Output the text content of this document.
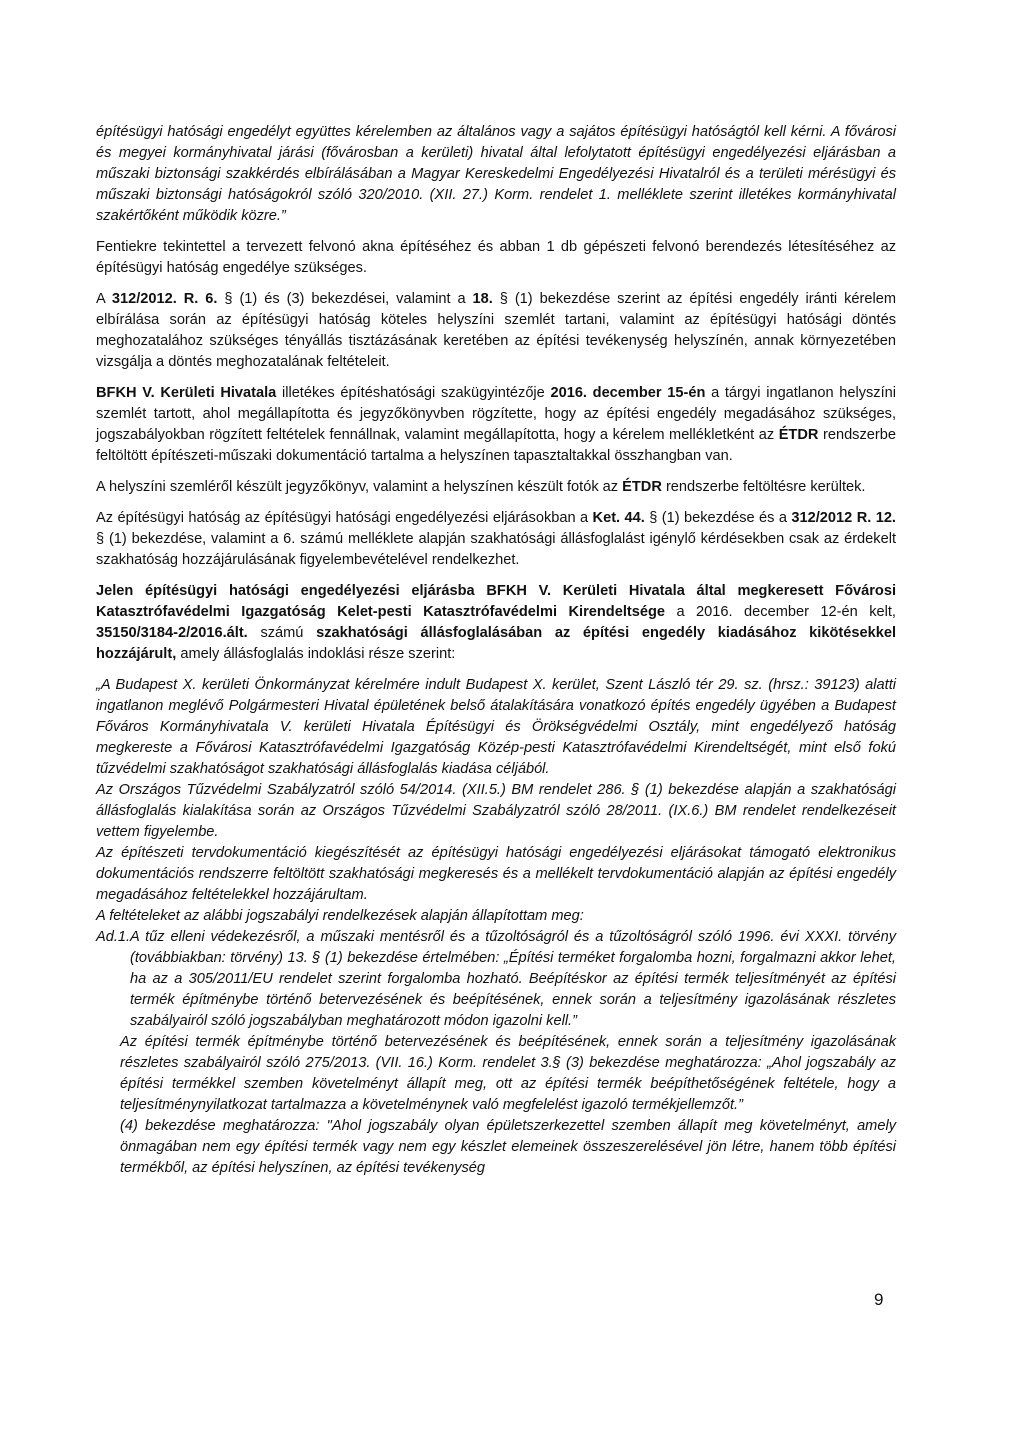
építésügyi hatósági engedélyt együttes kérelemben az általános vagy a sajátos építésügyi hatóságtól kell kérni. A fővárosi és megyei kormányhivatal járási (fővárosban a kerületi) hivatal által lefolytatott építésügyi engedélyezési eljárásban a műszaki biztonsági szakkérdés elbírálásában a Magyar Kereskedelmi Engedélyezési Hivatalról és a területi mérésügyi és műszaki biztonsági hatóságokról szóló 320/2010. (XII. 27.) Korm. rendelet 1. melléklete szerint illetékes kormányhivatal szakértőként működik közre.”

Fentiekre tekintettel a tervezett felvonó akna építéséhez és abban 1 db gépészeti felvonó berendezés létesítéséhez az építésügyi hatóság engedélye szükséges.

A 312/2012. R. 6. § (1) és (3) bekezdései, valamint a 18. § (1) bekezdése szerint az építési engedély iránti kérelem elbírálása során az építésügyi hatóság köteles helyszíni szemlét tartani, valamint az építésügyi hatósági döntés meghozatalához szükséges tényállás tisztázásának keretében az építési tevékenység helyszínén, annak környezetében vizsgálja a döntés meghozatalának feltételeit.

BFKH V. Kerületi Hivatala illetékes építéshatósági szakügyintézője 2016. december 15-én a tárgyi ingatlanon helyszíni szemlét tartott, ahol megállapította és jegyzőkönyvben rögzítette, hogy az építési engedély megadásához szükséges, jogszabályokban rögzített feltételek fennállnak, valamint megállapította, hogy a kérelem mellékletként az ÉTDR rendszerbe feltöltött építészeti-műszaki dokumentáció tartalma a helyszínen tapasztaltakkal összhangban van.

A helyszíni szemléről készült jegyzőkönyv, valamint a helyszínen készült fotók az ÉTDR rendszerbe feltöltésre kerültek.

Az építésügyi hatóság az építésügyi hatósági engedélyezési eljárásokban a Ket. 44. § (1) bekezdése és a 312/2012 R. 12. § (1) bekezdése, valamint a 6. számú melléklete alapján szakhatósági állásfoglalást igénylő kérdésekben csak az érdekelt szakhatóság hozzájárulásának figyelembevételével rendelkezhet.

Jelen építésügyi hatósági engedélyezési eljárásba BFKH V. Kerületi Hivatala által megkeresett Fővárosi Katasztrófavédelmi Igazgatóság Kelet-pesti Katasztrófavédelmi Kirendeltsége a 2016. december 12-én kelt, 35150/3184-2/2016.ált. számú szakhatósági állásfoglalásában az építési engedély kiadásához kikötésekkel hozzájárult, amely állásfoglalás indoklási része szerint:

„A Budapest X. kerületi Önkormányzat kérelmére indult Budapest X. kerület, Szent László tér 29. sz. (hrsz.: 39123) alatti ingatlanon meglévő Polgármesteri Hivatal épületének belső átalakítására vonatkozó építés engedély ügyében a Budapest Főváros Kormányhivatala V. kerületi Hivatala Építésügyi és Örökségvédelmi Osztály, mint engedélyező hatóság megkereste a Fővárosi Katasztrófavédelmi Igazgatóság Közép-pesti Katasztrófavédelmi Kirendeltségét, mint első fokú tűzvédelmi szakhatóságot szakhatósági állásfoglalás kiadása céljából.

Az Országos Tűzvédelmi Szabályzatról szóló 54/2014. (XII.5.) BM rendelet 286. § (1) bekezdése alapján a szakhatósági állásfoglalás kialakítása során az Országos Tűzvédelmi Szabályzatról szóló 28/2011. (IX.6.) BM rendelet rendelkezéseit vettem figyelembe.

Az építészeti tervdokumentáció kiegészítését az építésügyi hatósági engedélyezési eljárásokat támogató elektronikus dokumentációs rendszerre feltöltött szakhatósági megkeresés és a mellékelt tervdokumentáció alapján az építési engedély megadásához feltételekkel hozzájárultam.

A feltételeket az alábbi jogszabályi rendelkezések alapján állapítottam meg:

Ad.1. A tűz elleni védekezésről, a műszaki mentésről és a tűzoltóságról és a tűzoltóságról szóló 1996. évi XXXI. törvény (továbbiakban: törvény) 13. § (1) bekezdése értelmében: „Építési terméket forgalomba hozni, forgalmazni akkor lehet, ha az a 305/2011/EU rendelet szerint forgalomba hozható. Beépítéskor az építési termék teljesítményét az építési termék építménybe történő betervezésének és beépítésének, ennek során a teljesítmény igazolásának részletes szabályairól szóló jogszabályban meghatározott módon igazolni kell.”

Az építési termék építménybe történő betervezésének és beépítésének, ennek során a teljesítmény igazolásának részletes szabályairól szóló 275/2013. (VII. 16.) Korm. rendelet 3.§ (3) bekezdése meghatározza: „Ahol jogszabály az építési termékkel szemben követelményt állapít meg, ott az építési termék beépíthetőségének feltétele, hogy a teljesítménynyilatkozat tartalmazza a követelménynek való megfelelést igazoló termékjellemzőt.”

(4) bekezdése meghatározza: "Ahol jogszabály olyan épületszerkezettel szemben állapít meg követelményt, amely önmagában nem egy építési termék vagy nem egy készlet elemeinek összeszerelésével jön létre, hanem több építési termékből, az építési helyszínen, az építési tevékenység

9
